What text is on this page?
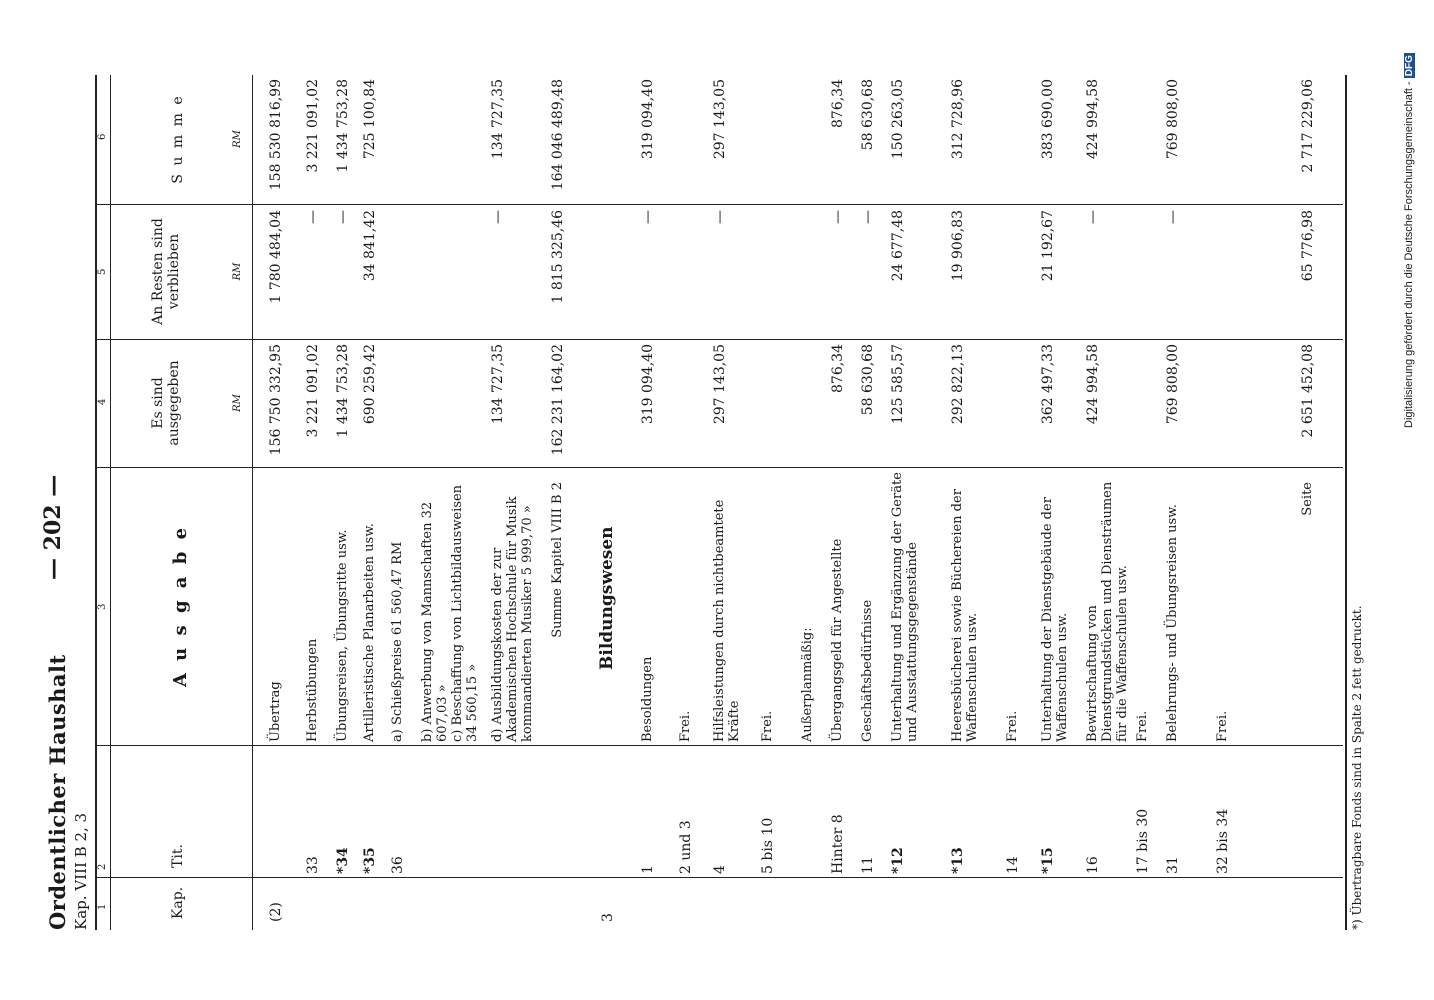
Ordentlicher Haushalt Kap. VIII B 2, 3
— 202 —
1
2
3
4
5
6
Kap.
Tit.
A u s g a b e
Es sind ausgegeben
An Resten sind verblieben
S u m m e
RM
RM
RM
(2)
Übertrag
156 750 332,95
1 780 484,04
158 530 816,99
33
Herbstübungen
3 221 091,02
—
3 221 091,02
*34
Übungsreisen, Übungsritte usw.
1 434 753,28
—
1 434 753,28
*35
Artilleristische Planarbeiten usw.
690 259,42
34 841,42
725 100,84
36
a) Schießpreise 61 560,47 RM b) Anwerbung von Mannschaften 32 607,03 » c) Beschaffung von Lichtbildausweisen 34 560,15 » d) Ausbildungskosten der zur Akademischen Hochschule für Musik kommandierten Musiker 5 999,70 »
134 727,35
—
134 727,35
Summe Kapitel VIII B 2
162 231 164,02
1 815 325,46
164 046 489,48
3
Bildungswesen
1
Besoldungen
319 094,40
—
319 094,40
2 und 3
Frei.
4
Hilfsleistungen durch nichtbeamtete Kräfte
297 143,05
—
297 143,05
5 bis 10
Frei. Außerplanmäßig:
Hinter 8
Übergangsgeld für Angestellte
876,34
—
876,34
11
Geschäftsbedürfnisse
58 630,68
—
58 630,68
*12
Unterhaltung und Ergänzung der Geräte und Ausstattungsgegenstände
125 585,57
24 677,48
150 263,05
*13
Heeresbücherei sowie Büchereien der Waffenschulen usw.
292 822,13
19 906,83
312 728,96
14
Frei.
*15
Unterhaltung der Dienstgebäude der Waffenschulen usw.
362 497,33
21 192,67
383 690,00
16
Bewirtschaftung von Dienstgrundstücken und Diensträumen für die Waffenschulen usw.
424 994,58
—
424 994,58
17 bis 30
Frei.
31
Belehrungs- und Übungsreisen usw.
769 808,00
—
769 808,00
32 bis 34
Frei.
Seite
2 651 452,08
65 776,98
2 717 229,06
*) Übertragbare Fonds sind in Spalte 2 fett gedruckt.
Digitalisierung gefördert durch die Deutsche Forschungsgemeinschaft - DFG
